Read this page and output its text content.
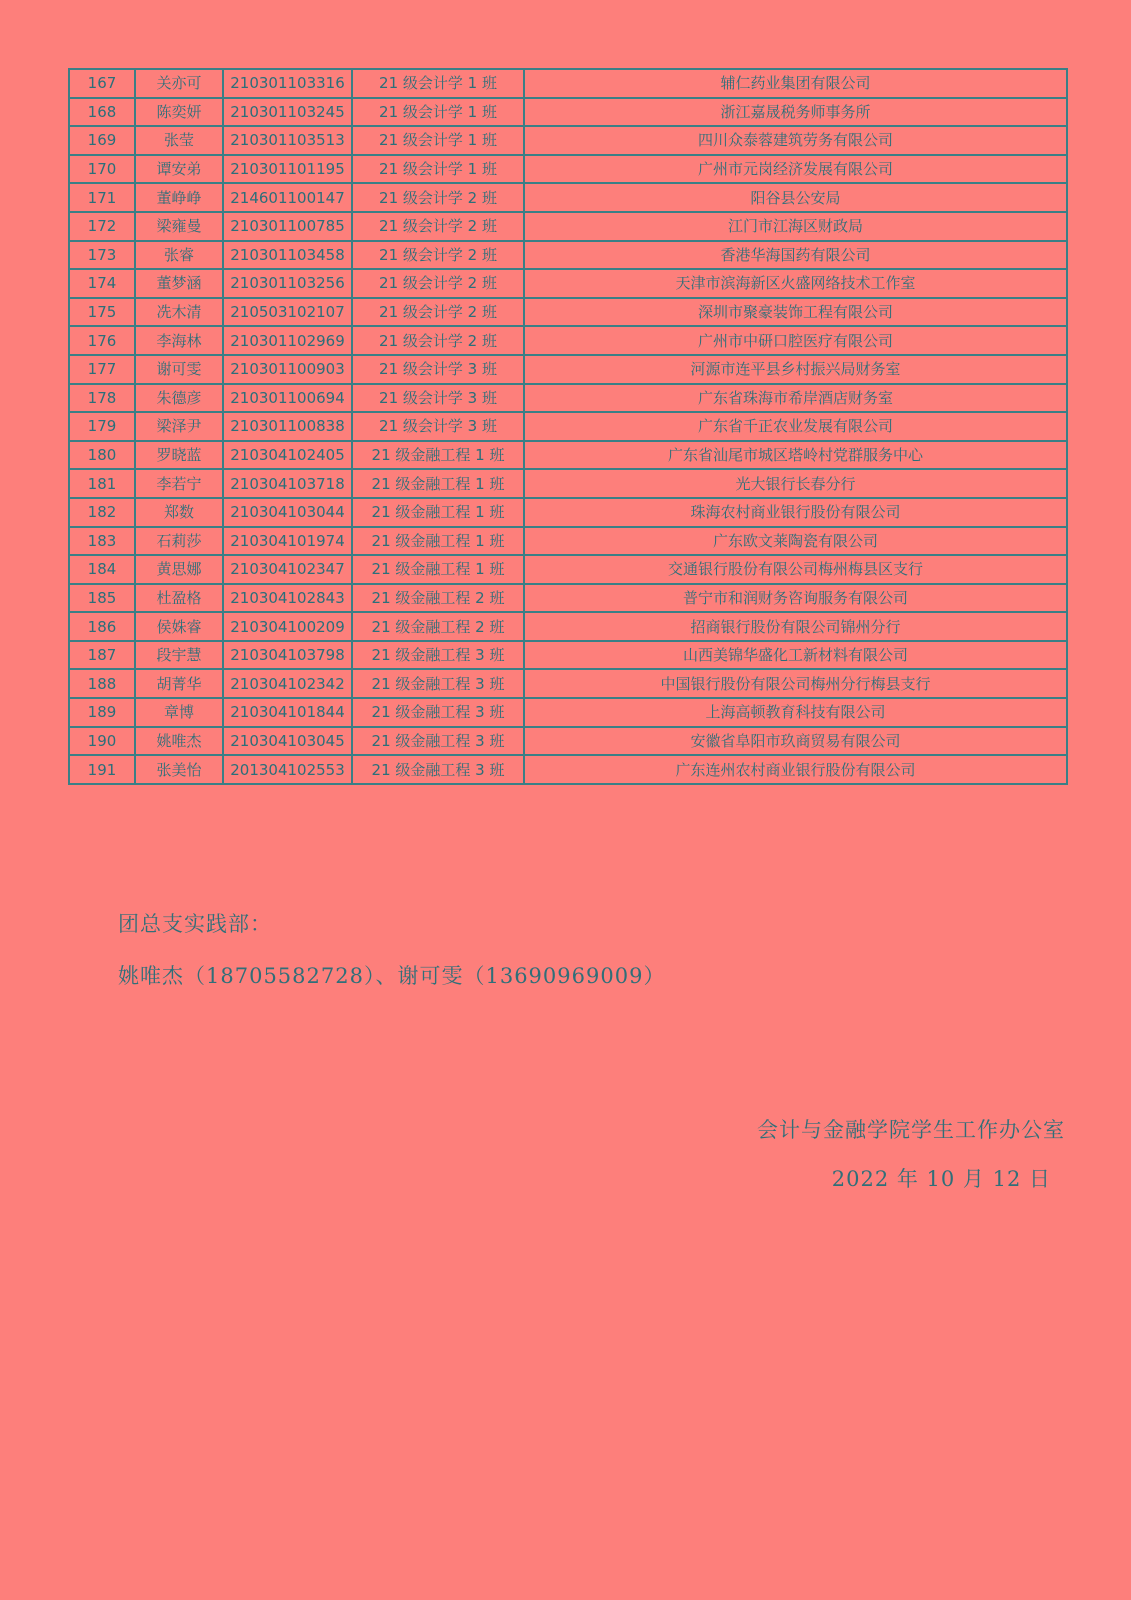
167	关亦可	210301103316	21 级会计学 1 班	辅仁药业集团有限公司
168	陈奕妍	210301103245	21 级会计学 1 班	浙江嘉晟税务师事务所
169	张莹	210301103513	21 级会计学 1 班	四川众泰蓉建筑劳务有限公司
170	谭安弟	210301101195	21 级会计学 1 班	广州市元岗经济发展有限公司
171	董峥峥	214601100147	21 级会计学 2 班	阳谷县公安局
172	梁雍曼	210301100785	21 级会计学 2 班	江门市江海区财政局
173	张睿	210301103458	21 级会计学 2 班	香港华海国药有限公司
174	董梦涵	210301103256	21 级会计学 2 班	天津市滨海新区火盛网络技术工作室
175	冼木清	210503102107	21 级会计学 2 班	深圳市聚豪装饰工程有限公司
176	李海林	210301102969	21 级会计学 2 班	广州市中研口腔医疗有限公司
177	谢可雯	210301100903	21 级会计学 3 班	河源市连平县乡村振兴局财务室
178	朱德彦	210301100694	21 级会计学 3 班	广东省珠海市希岸酒店财务室
179	梁泽尹	210301100838	21 级会计学 3 班	广东省千正农业发展有限公司
180	罗晓蓝	210304102405	21 级金融工程 1 班	广东省汕尾市城区塔岭村党群服务中心
181	李若宁	210304103718	21 级金融工程 1 班	光大银行长春分行
182	郑数	210304103044	21 级金融工程 1 班	珠海农村商业银行股份有限公司
183	石莉莎	210304101974	21 级金融工程 1 班	广东欧文莱陶瓷有限公司
184	黄思娜	210304102347	21 级金融工程 1 班	交通银行股份有限公司梅州梅县区支行
185	杜盈格	210304102843	21 级金融工程 2 班	普宁市和润财务咨询服务有限公司
186	侯姝睿	210304100209	21 级金融工程 2 班	招商银行股份有限公司锦州分行
187	段宇慧	210304103798	21 级金融工程 3 班	山西美锦华盛化工新材料有限公司
188	胡菁华	210304102342	21 级金融工程 3 班	中国银行股份有限公司梅州分行梅县支行
189	章博	210304101844	21 级金融工程 3 班	上海高顿教育科技有限公司
190	姚唯杰	210304103045	21 级金融工程 3 班	安徽省阜阳市玖商贸易有限公司
191	张美怡	201304102553	21 级金融工程 3 班	广东连州农村商业银行股份有限公司
团总支实践部：
姚唯杰（18705582728）、谢可雯（13690969009）
会计与金融学院学生工作办公室
2022 年 10 月 12 日
